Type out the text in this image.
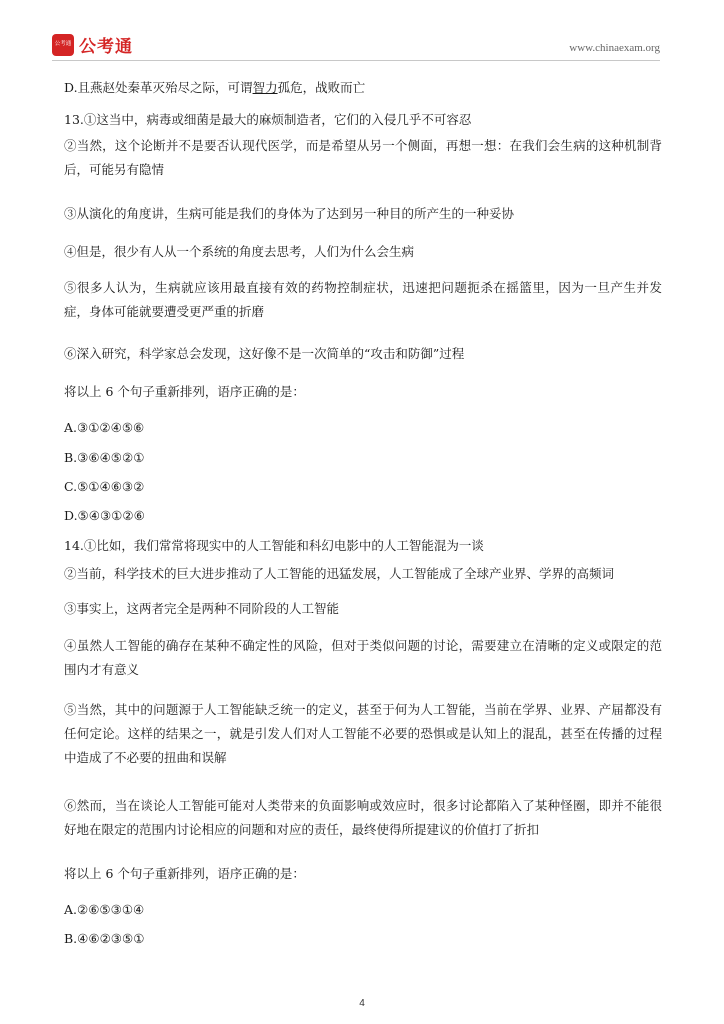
公考通 公考通	www.chinaexam.org
D.且燕赵处秦革灭殆尽之际，可谓智力孤危，战败而亡
13.①这当中，病毒或细菌是最大的麻烦制造者，它们的入侵几乎不可容忍
②当然，这个论断并不是要否认现代医学，而是希望从另一个侧面，再想一想：在我们会生病的这种机制背后，可能另有隐情
③从演化的角度讲，生病可能是我们的身体为了达到另一种目的所产生的一种妥协
④但是，很少有人从一个系统的角度去思考，人们为什么会生病
⑤很多人认为，生病就应该用最直接有效的药物控制症状，迅速把问题扼杀在摇篮里，因为一旦产生并发症，身体可能就要遭受更严重的折磨
⑥深入研究，科学家总会发现，这好像不是一次简单的“攻击和防御”过程
将以上 6 个句子重新排列，语序正确的是：
A.③①②④⑤⑥
B.③⑥④⑤②①
C.⑤①④⑥③②
D.⑤④③①②⑥
14.①比如，我们常常将现实中的人工智能和科幻电影中的人工智能混为一谈
②当前，科学技术的巨大进步推动了人工智能的迅猛发展，人工智能成了全球产业界、学界的高频词
③事实上，这两者完全是两种不同阶段的人工智能
④虽然人工智能的确存在某种不确定性的风险，但对于类似问题的讨论，需要建立在清晰的定义或限定的范围内才有意义
⑤当然，其中的问题源于人工智能缺乏统一的定义，甚至于何为人工智能，当前在学界、业界、产届都没有任何定论。这样的结果之一，就是引发人们对人工智能不必要的恐惧或是认知上的混乱，甚至在传播的过程中造成了不必要的扭曲和误解
⑥然而，当在谈论人工智能可能对人类带来的负面影响或效应时，很多讨论都陷入了某种怪圈，即并不能很好地在限定的范围内讨论相应的问题和对应的责任，最终使得所提建议的价值打了折扣
将以上 6 个句子重新排列，语序正确的是：
A.②⑥⑤③①④
B.④⑥②③⑤①
4
